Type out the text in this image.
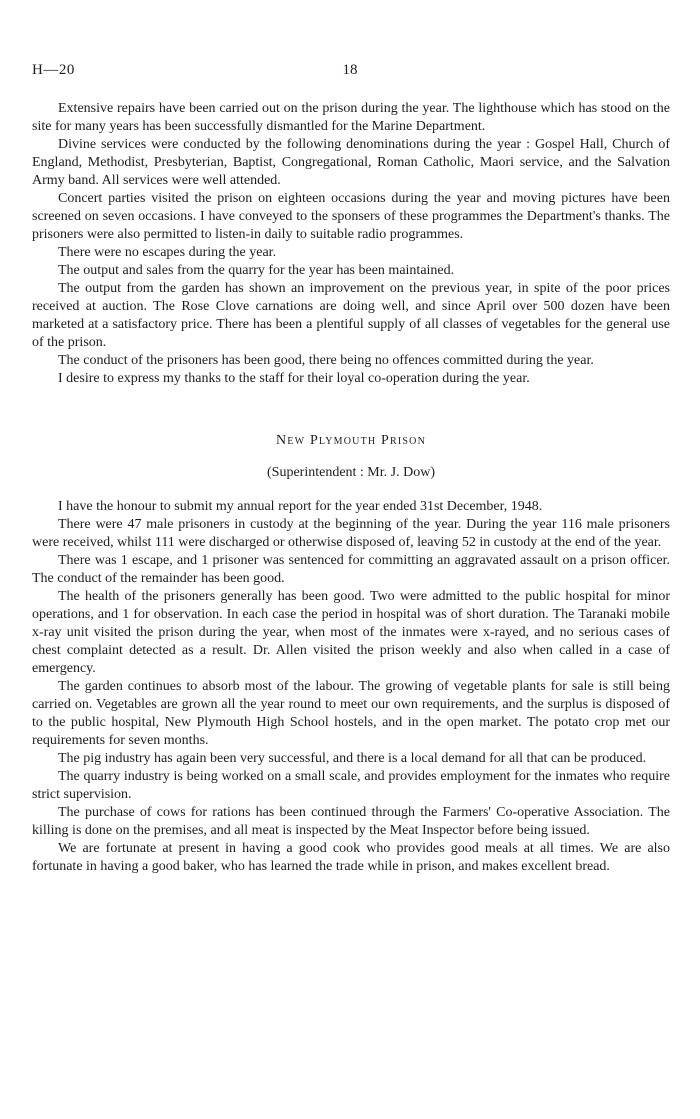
H—20	18

Extensive repairs have been carried out on the prison during the year. The lighthouse which has stood on the site for many years has been successfully dismantled for the Marine Department.

Divine services were conducted by the following denominations during the year : Gospel Hall, Church of England, Methodist, Presbyterian, Baptist, Congregational, Roman Catholic, Maori service, and the Salvation Army band. All services were well attended.

Concert parties visited the prison on eighteen occasions during the year and moving pictures have been screened on seven occasions. I have conveyed to the sponsers of these programmes the Department's thanks. The prisoners were also permitted to listen-in daily to suitable radio programmes.

There were no escapes during the year.

The output and sales from the quarry for the year has been maintained.

The output from the garden has shown an improvement on the previous year, in spite of the poor prices received at auction. The Rose Clove carnations are doing well, and since April over 500 dozen have been marketed at a satisfactory price. There has been a plentiful supply of all classes of vegetables for the general use of the prison.

The conduct of the prisoners has been good, there being no offences committed during the year.

I desire to express my thanks to the staff for their loyal co-operation during the year.

New Plymouth Prison

(Superintendent : Mr. J. Dow)

I have the honour to submit my annual report for the year ended 31st December, 1948.

There were 47 male prisoners in custody at the beginning of the year. During the year 116 male prisoners were received, whilst 111 were discharged or otherwise disposed of, leaving 52 in custody at the end of the year.

There was 1 escape, and 1 prisoner was sentenced for committing an aggravated assault on a prison officer. The conduct of the remainder has been good.

The health of the prisoners generally has been good. Two were admitted to the public hospital for minor operations, and 1 for observation. In each case the period in hospital was of short duration. The Taranaki mobile x-ray unit visited the prison during the year, when most of the inmates were x-rayed, and no serious cases of chest complaint detected as a result. Dr. Allen visited the prison weekly and also when called in a case of emergency.

The garden continues to absorb most of the labour. The growing of vegetable plants for sale is still being carried on. Vegetables are grown all the year round to meet our own requirements, and the surplus is disposed of to the public hospital, New Plymouth High School hostels, and in the open market. The potato crop met our requirements for seven months.

The pig industry has again been very successful, and there is a local demand for all that can be produced.

The quarry industry is being worked on a small scale, and provides employment for the inmates who require strict supervision.

The purchase of cows for rations has been continued through the Farmers' Co-operative Association. The killing is done on the premises, and all meat is inspected by the Meat Inspector before being issued.

We are fortunate at present in having a good cook who provides good meals at all times. We are also fortunate in having a good baker, who has learned the trade while in prison, and makes excellent bread.
